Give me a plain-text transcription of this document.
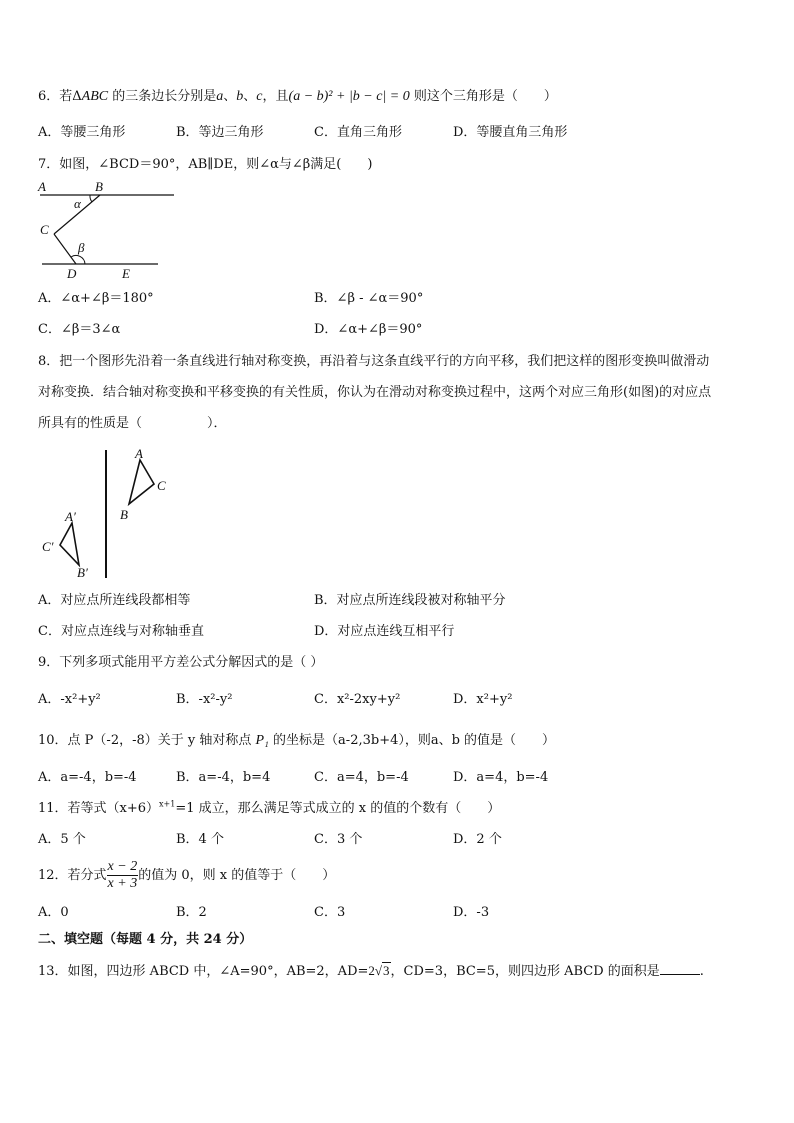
6．若ΔABC 的三条边长分别是a、b、c，且(a − b)² + |b − c| = 0 则这个三角形是（　　）
A．等腰三角形	B．等边三角形	C．直角三角形	D．等腰直角三角形
7．如图，∠BCD＝90°，AB∥DE，则∠α与∠β满足(　　)
A	B
C
D	E
α
β
A．∠α+∠β＝180°	B．∠β - ∠α＝90°
C．∠β＝3∠α	D．∠α+∠β＝90°
8．把一个图形先沿着一条直线进行轴对称变换，再沿着与这条直线平行的方向平移，我们把这样的图形变换叫做滑动
对称变换．结合轴对称变换和平移变换的有关性质，你认为在滑动对称变换过程中，这两个对应三角形(如图)的对应点
所具有的性质是（　　　　　）．
A
C
B
A′
C′
B′
A．对应点所连线段都相等	B．对应点所连线段被对称轴平分
C．对应点连线与对称轴垂直	D．对应点连线互相平行
9．下列多项式能用平方差公式分解因式的是（ ）
A．-x²+y²	B．-x²-y²	C．x²-2xy+y²	D．x²+y²
10．点 P（-2，-8）关于 y 轴对称点 P₁ 的坐标是（a-2,3b+4），则a、b 的值是（　　）
A．a=-4，b=-4	B．a=-4，b=4	C．a=4，b=-4	D．a=4，b=-4
11．若等式$(x+6)^{x+1}=1$ 成立，那么满足等式成立的 x 的值的个数有（　　）
A．5 个	B．4 个	C．3 个	D．2 个
12．若分式 $\frac{x - 2}{x + 3}$ 的值为 0，则 x 的值等于（　　）
A．0	B．2	C．3	D．-3
二、填空题（每题 4 分，共 24 分）
13．如图，四边形 ABCD 中，∠A=90°，AB=2，AD=2√3，CD=3，BC=5，则四边形 ABCD 的面积是	.
